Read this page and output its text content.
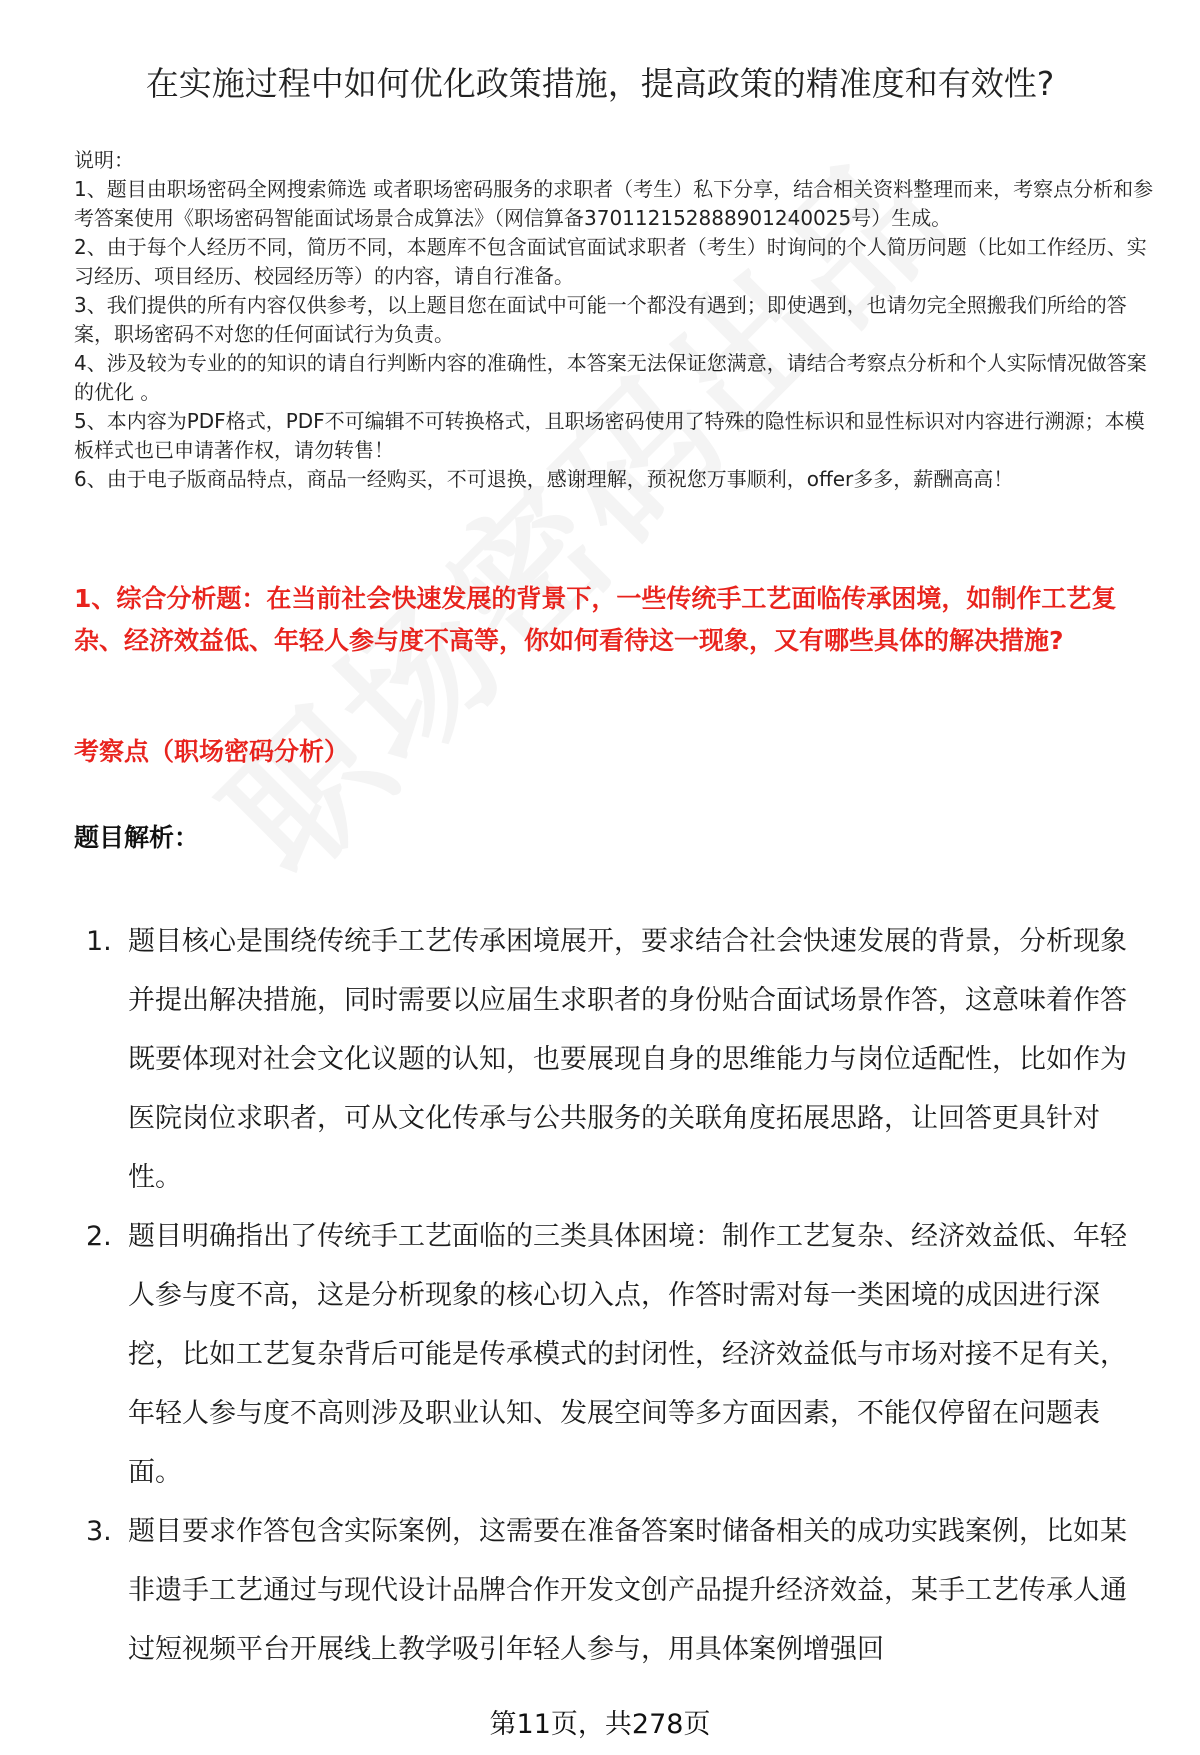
在实施过程中如何优化政策措施，提高政策的精准度和有效性?

说明：

1、题目由职场密码全网搜索筛选 或者职场密码服务的求职者（考生）私下分享，结合相关资料整理而来，考察点分析和参考答案使用《职场密码智能面试场景合成算法》（网信算备370112152888901240025号）生成。

2、由于每个人经历不同，简历不同，本题库不包含面试官面试求职者（考生）时询问的个人简历问题（比如工作经历、实习经历、项目经历、校园经历等）的内容，请自行准备。

3、我们提供的所有内容仅供参考，以上题目您在面试中可能一个都没有遇到；即使遇到，也请勿完全照搬我们所给的答案，职场密码不对您的任何面试行为负责。

4、涉及较为专业的的知识的请自行判断内容的准确性，本答案无法保证您满意，请结合考察点分析和个人实际情况做答案的优化 。

5、本内容为PDF格式，PDF不可编辑不可转换格式，且职场密码使用了特殊的隐性标识和显性标识对内容进行溯源；本模板样式也已申请著作权，请勿转售！

6、由于电子版商品特点，商品一经购买，不可退换，感谢理解，预祝您万事顺利，offer多多，薪酬高高！

1、综合分析题：在当前社会快速发展的背景下，一些传统手工艺面临传承困境，如制作工艺复杂、经济效益低、年轻人参与度不高等，你如何看待这一现象，又有哪些具体的解决措施?
考察点（职场密码分析）
题目解析：
1. 题目核心是围绕传统手工艺传承困境展开，要求结合社会快速发展的背景，分析现象并提出解决措施，同时需要以应届生求职者的身份贴合面试场景作答，这意味着作答既要体现对社会文化议题的认知，也要展现自身的思维能力与岗位适配性，比如作为医院岗位求职者，可从文化传承与公共服务的关联角度拓展思路，让回答更具针对性。
2. 题目明确指出了传统手工艺面临的三类具体困境：制作工艺复杂、经济效益低、年轻人参与度不高，这是分析现象的核心切入点，作答时需对每一类困境的成因进行深挖，比如工艺复杂背后可能是传承模式的封闭性，经济效益低与市场对接不足有关，年轻人参与度不高则涉及职业认知、发展空间等多方面因素，不能仅停留在问题表面。
3. 题目要求作答包含实际案例，这需要在准备答案时储备相关的成功实践案例，比如某非遗手工艺通过与现代设计品牌合作开发文创产品提升经济效益，某手工艺传承人通过短视频平台开展线上教学吸引年轻人参与，用具体案例增强回
第11页，共278页
